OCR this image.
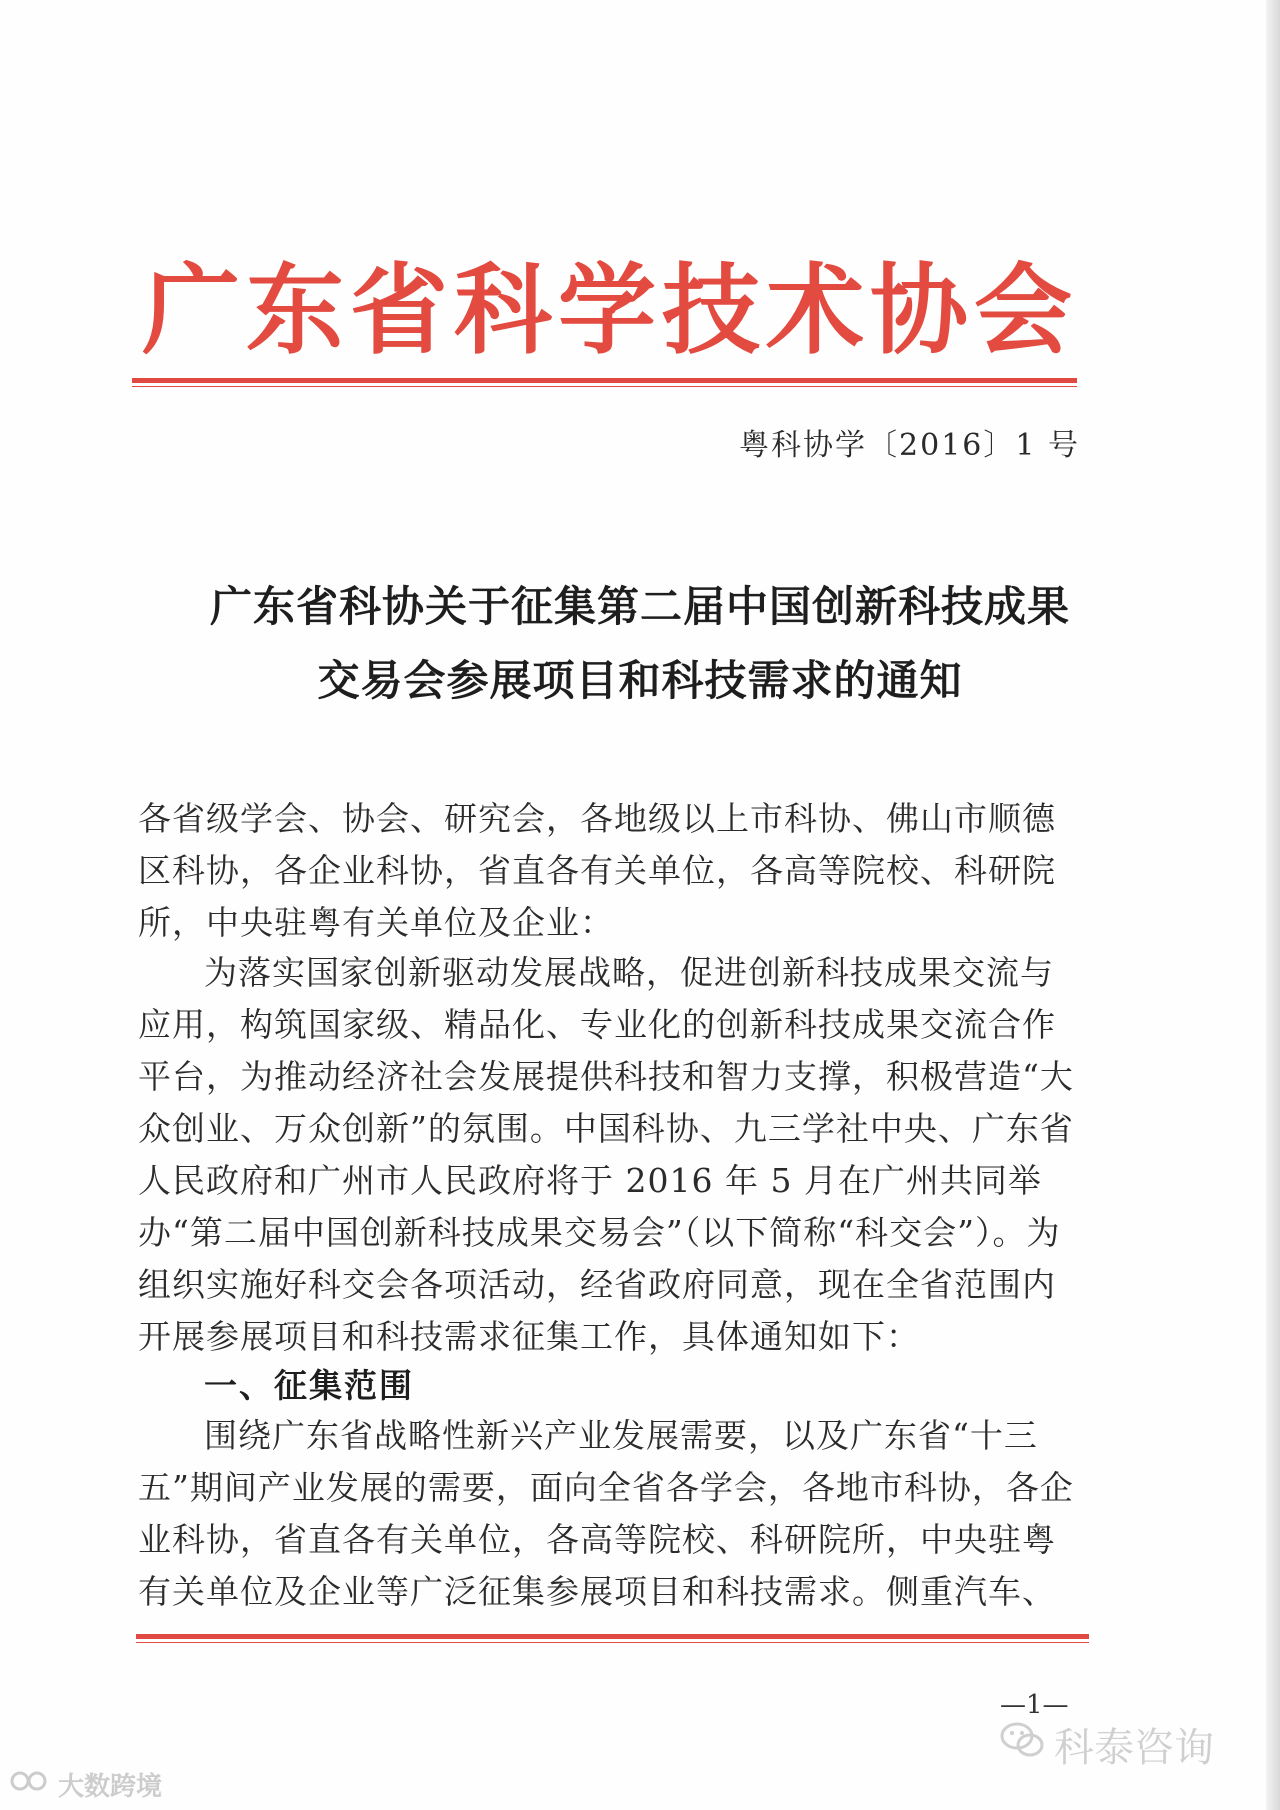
广东省科学技术协会
粤科协学〔2016〕1 号
广东省科协关于征集第二届中国创新科技成果
交易会参展项目和科技需求的通知

各省级学会、协会、研究会，各地级以上市科协、佛山市顺德

区科协，各企业科协，省直各有关单位，各高等院校、科研院

所，中央驻粤有关单位及企业：

为落实国家创新驱动发展战略，促进创新科技成果交流与应用，构筑国家级、精品化、专业化的创新科技成果交流合作平台，为推动经济社会发展提供科技和智力支撑，积极营造“大众创业、万众创新”的氛围。中国科协、九三学社中央、广东省人民政府和广州市人民政府将于 2016 年 5 月在广州共同举办“第二届中国创新科技成果交易会”（以下简称“科交会”）。为组织实施好科交会各项活动，经省政府同意，现在全省范围内开展参展项目和科技需求征集工作，具体通知如下：

一、征集范围

围绕广东省战略性新兴产业发展需要，以及广东省“十三五”期间产业发展的需要，面向全省各学会，各地市科协，各企业科协，省直各有关单位，各高等院校、科研院所，中央驻粤有关单位及企业等广泛征集参展项目和科技需求。侧重汽车、

—1—
科泰咨询
大数跨境
